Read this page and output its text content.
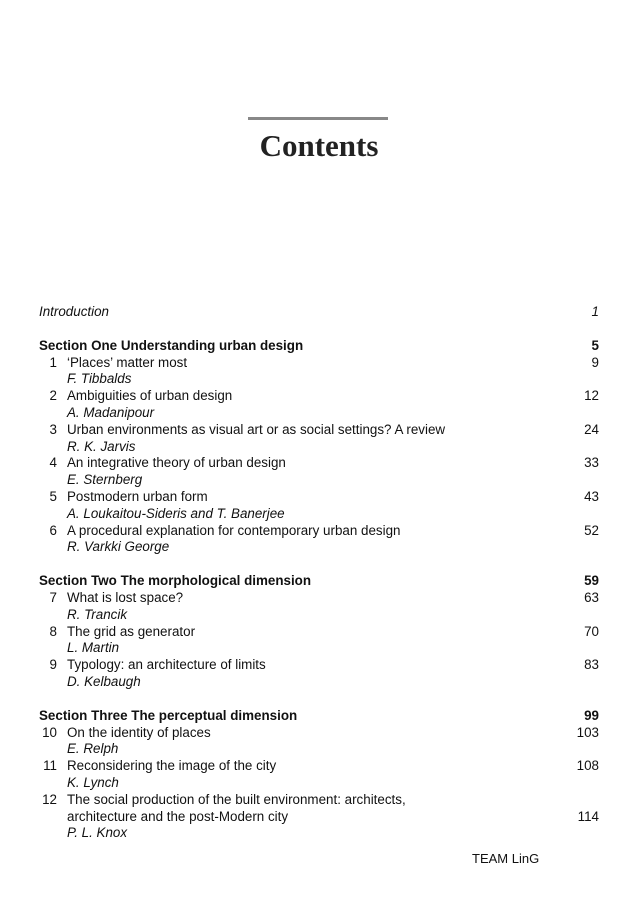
Contents
Introduction	1
Section One Understanding urban design	5
1 ‘Places’ matter most	9
F. Tibbalds
2 Ambiguities of urban design	12
A. Madanipour
3 Urban environments as visual art or as social settings? A review	24
R. K. Jarvis
4 An integrative theory of urban design	33
E. Sternberg
5 Postmodern urban form	43
A. Loukaitou-Sideris and T. Banerjee
6 A procedural explanation for contemporary urban design	52
R. Varkki George
Section Two The morphological dimension	59
7 What is lost space?	63
R. Trancik
8 The grid as generator	70
L. Martin
9 Typology: an architecture of limits	83
D. Kelbaugh
Section Three The perceptual dimension	99
10 On the identity of places	103
E. Relph
11 Reconsidering the image of the city	108
K. Lynch
12 The social production of the built environment: architects,
architecture and the post-Modern city	114
P. L. Knox
TEAM LinG
